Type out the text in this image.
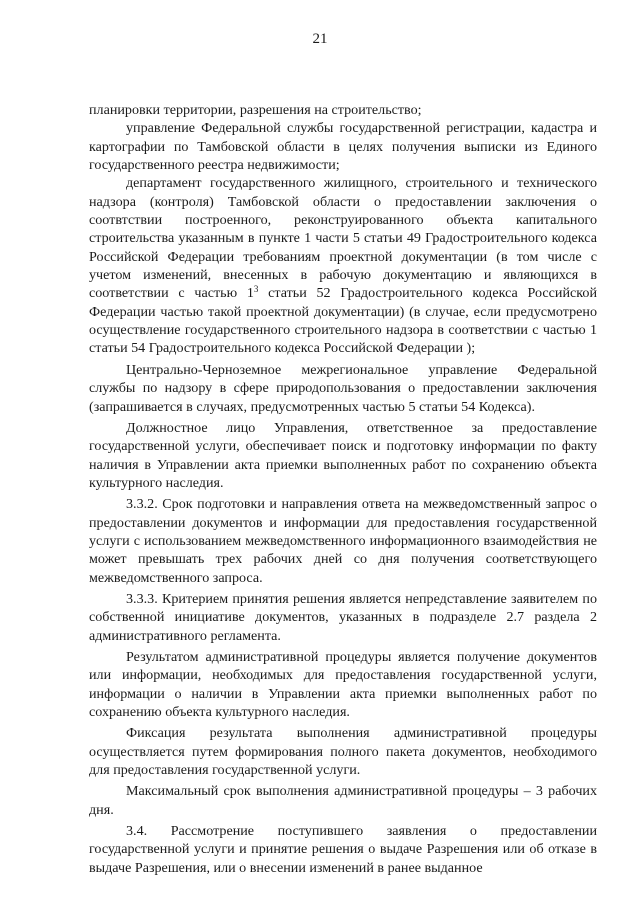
21

планировки территории, разрешения на строительство;

управление Федеральной службы государственной регистрации, кадастра и картографии по Тамбовской области в целях получения выписки из Единого государственного реестра недвижимости;

департамент государственного жилищного, строительного и технического надзора (контроля) Тамбовской области о предоставлении заключения о соотвтствии построенного, реконструированного объекта капитального строительства указанным в пункте 1 части 5 статьи 49 Градостроительного кодекса Российской Федерации требованиям проектной документации (в том числе с учетом изменений, внесенных в рабочую документацию и являющихся в соответствии с частью $1^3$ статьи 52 Градостроительного кодекса Российской Федерации частью такой проектной документации) (в случае, если предусмотрено осуществление государственного строительного надзора в соответствии с частью 1 статьи 54 Градостроительного кодекса Российской Федерации );

Центрально-Черноземное межрегиональное управление Федеральной службы по надзору в сфере природопользования о предоставлении заключения (запрашивается в случаях, предусмотренных частью 5 статьи 54 Кодекса).

Должностное лицо Управления, ответственное за предоставление государственной услуги, обеспечивает поиск и подготовку информации по факту наличия в Управлении акта приемки выполненных работ по сохранению объекта культурного наследия.

3.3.2. Срок подготовки и направления ответа на межведомственный запрос о предоставлении документов и информации для предоставления государственной услуги с использованием межведомственного информационного взаимодействия не может превышать трех рабочих дней со дня получения соответствующего межведомственного запроса.

3.3.3. Критерием принятия решения является непредставление заявителем по собственной инициативе документов, указанных в подразделе 2.7 раздела 2 административного регламента.

Результатом административной процедуры является получение документов или информации, необходимых для предоставления государственной услуги, информации о наличии в Управлении акта приемки выполненных работ по сохранению объекта культурного наследия.

Фиксация результата выполнения административной процедуры осуществляется путем формирования полного пакета документов, необходимого для предоставления государственной услуги.

Максимальный срок выполнения административной процедуры – 3 рабочих дня.

3.4. Рассмотрение поступившего заявления о предоставлении государственной услуги и принятие решения о выдаче Разрешения или об отказе в выдаче Разрешения, или о внесении изменений в ранее выданное
